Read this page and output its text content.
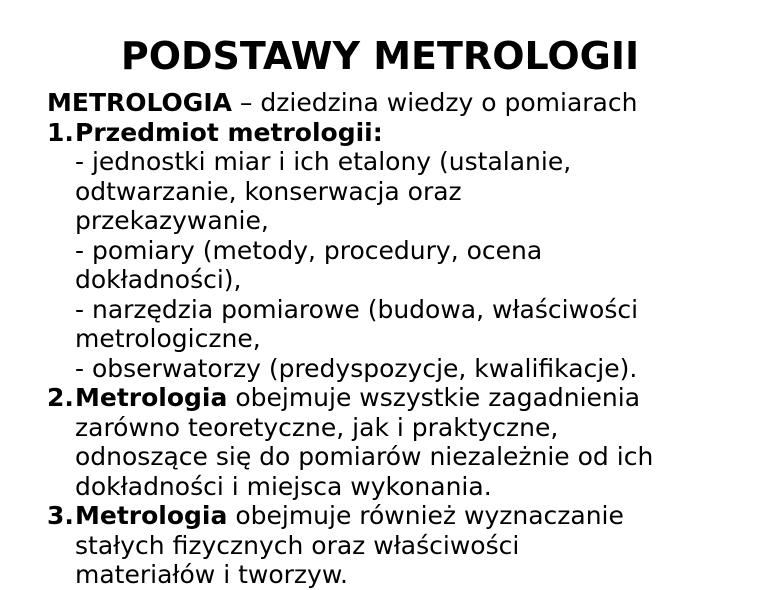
PODSTAWY METROLOGII
METROLOGIA – dziedzina wiedzy o pomiarach
1.Przedmiot metrologii:
- jednostki miar i ich etalony (ustalanie,
odtwarzanie, konserwacja oraz
przekazywanie,
- pomiary (metody, procedury, ocena
dokładności),
- narzędzia pomiarowe (budowa, właściwości
metrologiczne,
- obserwatorzy (predyspozycje, kwalifikacje).
2.Metrologia obejmuje wszystkie zagadnienia
zarówno teoretyczne, jak i praktyczne,
odnoszące się do pomiarów niezależnie od ich
dokładności i miejsca wykonania.
3.Metrologia obejmuje również wyznaczanie
stałych fizycznych oraz właściwości
materiałów i tworzyw.
